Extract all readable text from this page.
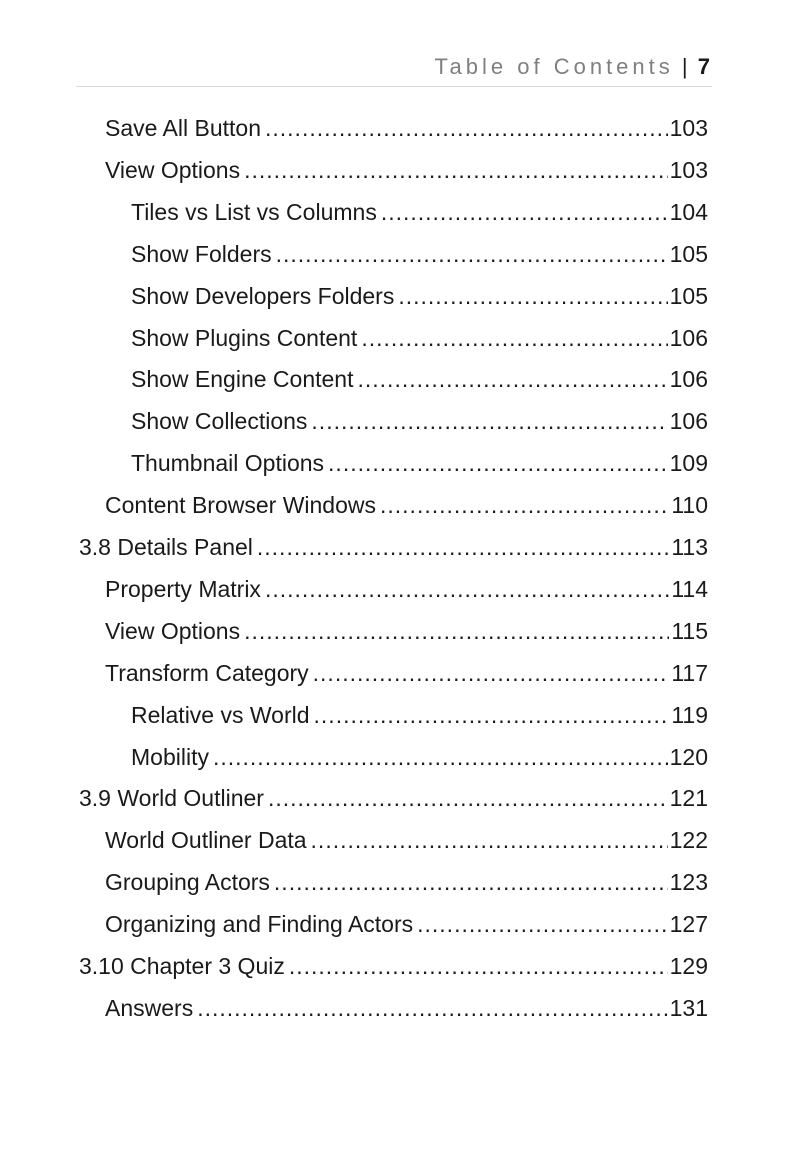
Table of Contents | 7
Save All Button .....	103
View Options .....	103
Tiles vs List vs Columns .....	104
Show Folders .....	105
Show Developers Folders .....	105
Show Plugins Content .....	106
Show Engine Content .....	106
Show Collections .....	106
Thumbnail Options .....	109
Content Browser Windows .....	110
3.8 Details Panel .....	113
Property Matrix .....	114
View Options .....	115
Transform Category .....	117
Relative vs World .....	119
Mobility .....	120
3.9 World Outliner .....	121
World Outliner Data .....	122
Grouping Actors .....	123
Organizing and Finding Actors .....	127
3.10 Chapter 3 Quiz .....	129
Answers .....	131
